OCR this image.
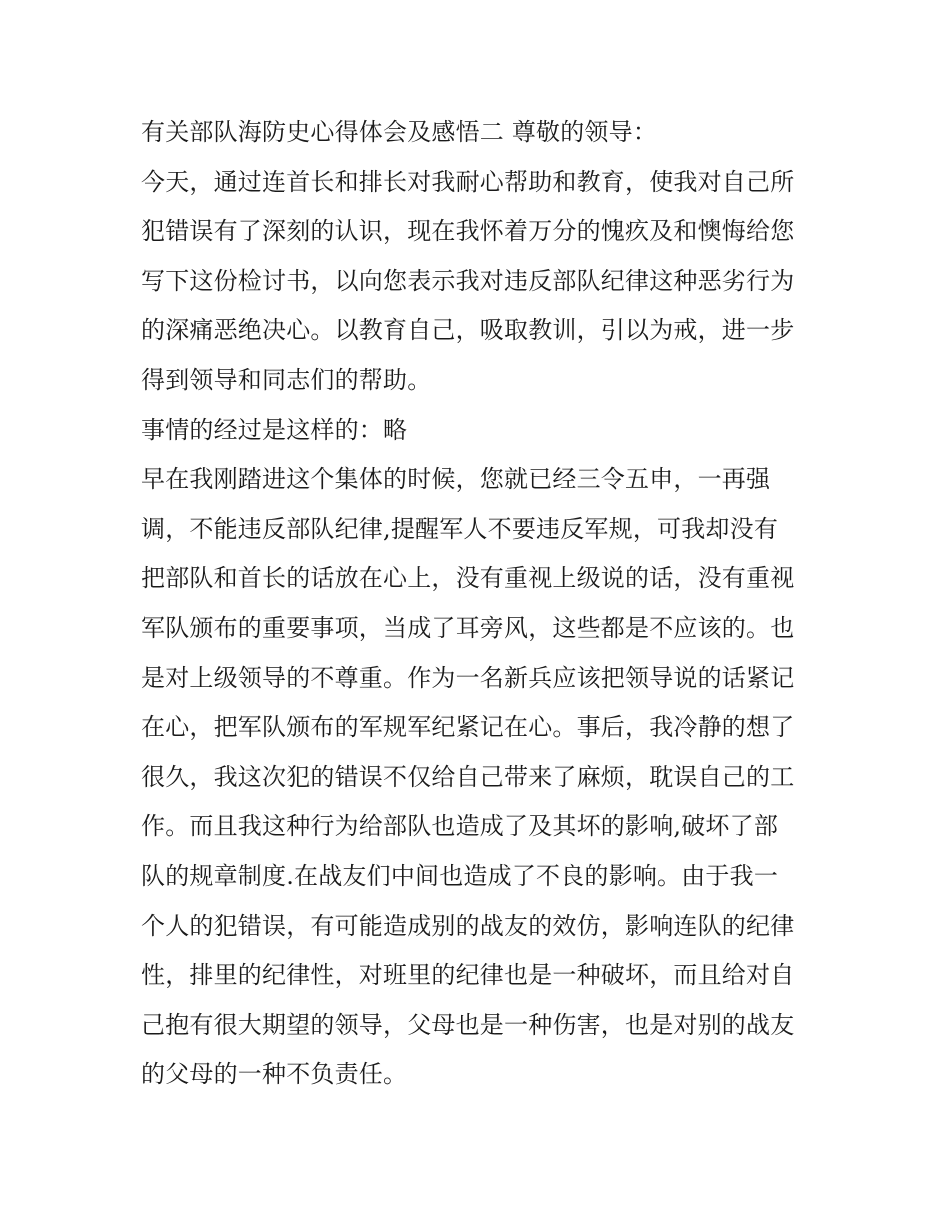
有关部队海防史心得体会及感悟二 尊敬的领导：
今天，通过连首长和排长对我耐心帮助和教育，使我对自己所
犯错误有了深刻的认识，现在我怀着万分的愧疚及和懊悔给您
写下这份检讨书，以向您表示我对违反部队纪律这种恶劣行为
的深痛恶绝决心。以教育自己，吸取教训，引以为戒，进一步
得到领导和同志们的帮助。
事情的经过是这样的：略
早在我刚踏进这个集体的时候，您就已经三令五申，一再强
调，不能违反部队纪律,提醒军人不要违反军规，可我却没有
把部队和首长的话放在心上，没有重视上级说的话，没有重视
军队颁布的重要事项，当成了耳旁风，这些都是不应该的。也
是对上级领导的不尊重。作为一名新兵应该把领导说的话紧记
在心，把军队颁布的军规军纪紧记在心。事后，我冷静的想了
很久，我这次犯的错误不仅给自己带来了麻烦，耽误自己的工
作。而且我这种行为给部队也造成了及其坏的影响,破坏了部
队的规章制度.在战友们中间也造成了不良的影响。由于我一
个人的犯错误，有可能造成别的战友的效仿，影响连队的纪律
性，排里的纪律性，对班里的纪律也是一种破坏，而且给对自
己抱有很大期望的领导，父母也是一种伤害，也是对别的战友
的父母的一种不负责任。
